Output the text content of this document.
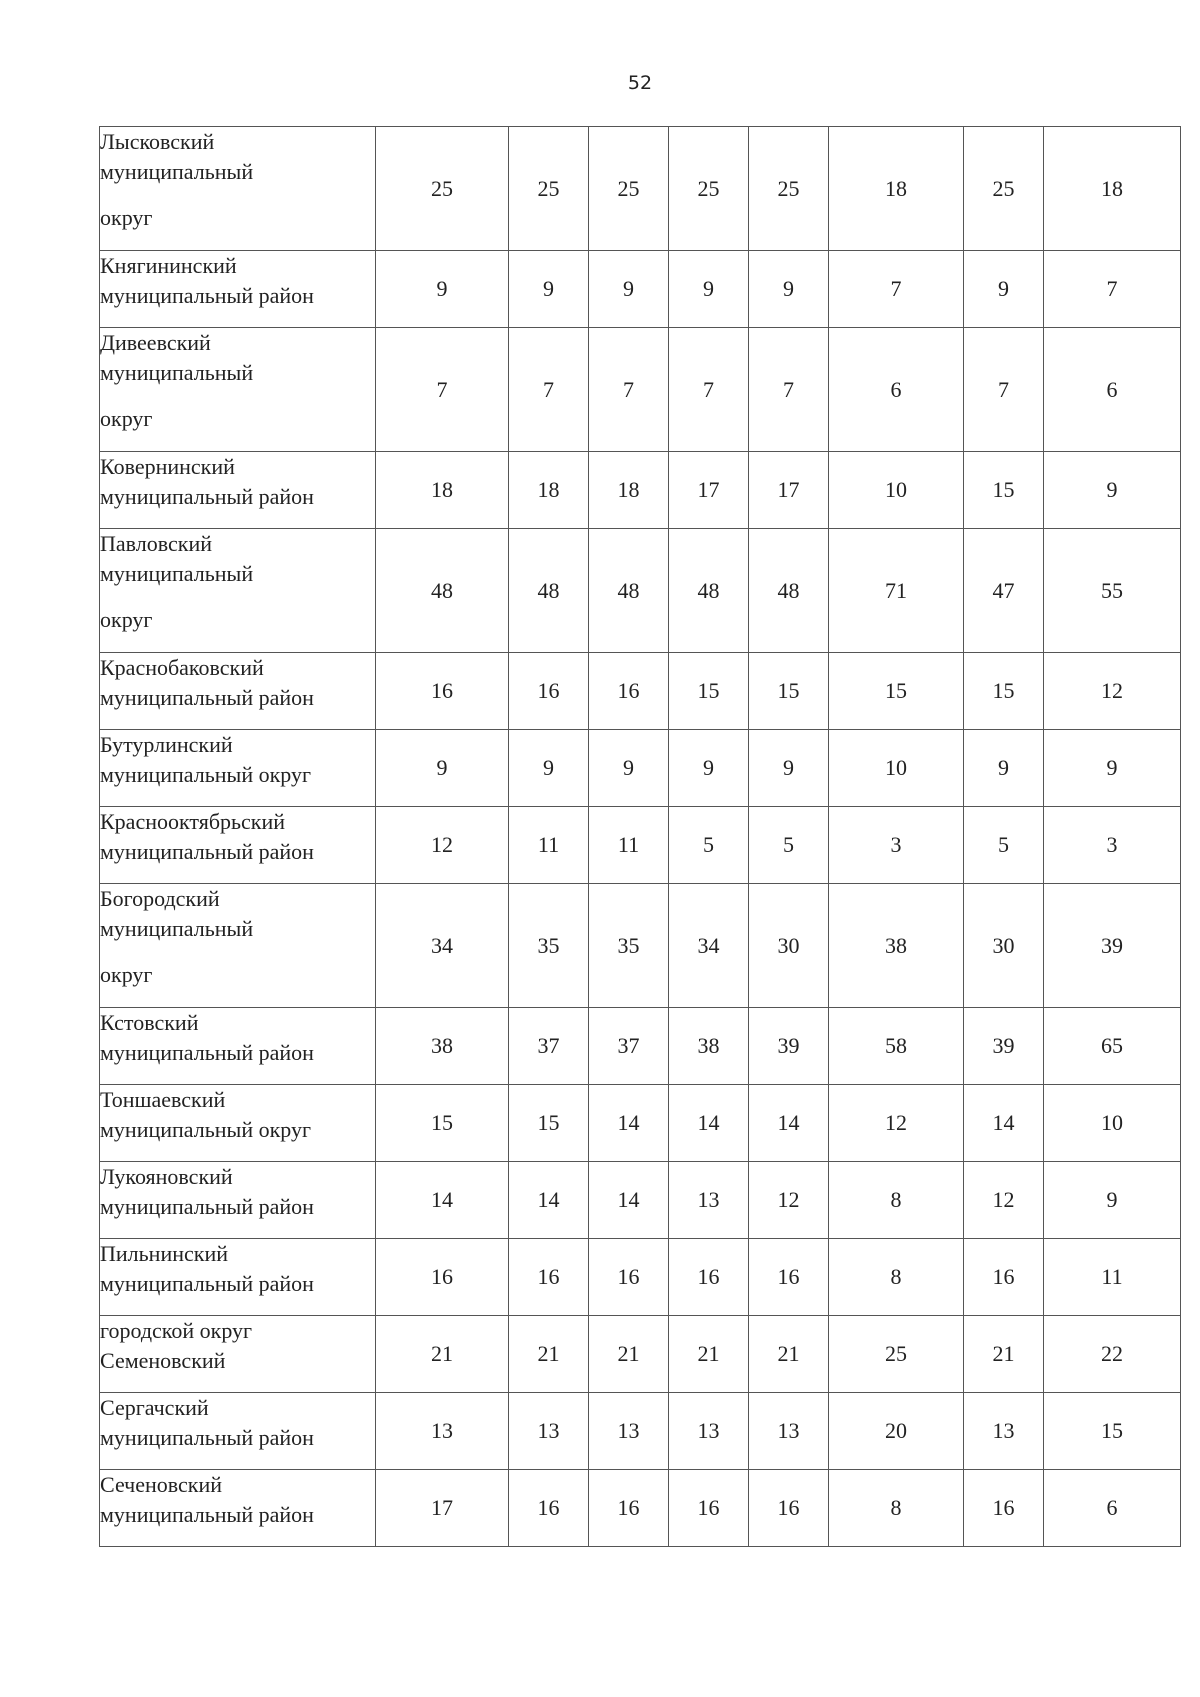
52
Лысковский
муниципальный
округ	25	25	25	25	25	18	25	18

Княгининский
муниципальный район	9	9	9	9	9	7	9	7

Дивеевский
муниципальный
округ	7	7	7	7	7	6	7	6

Ковернинский
муниципальный район	18	18	18	17	17	10	15	9

Павловский
муниципальный
округ	48	48	48	48	48	71	47	55

Краснобаковский
муниципальный район	16	16	16	15	15	15	15	12

Бутурлинский
муниципальный округ	9	9	9	9	9	10	9	9

Краснооктябрьский
муниципальный район	12	11	11	5	5	3	5	3

Богородский
муниципальный
округ	34	35	35	34	30	38	30	39

Кстовский
муниципальный район	38	37	37	38	39	58	39	65

Тоншаевский
муниципальный округ	15	15	14	14	14	12	14	10

Лукояновский
муниципальный район	14	14	14	13	12	8	12	9

Пильнинский
муниципальный район	16	16	16	16	16	8	16	11

городской округ
Семеновский	21	21	21	21	21	25	21	22

Сергачский
муниципальный район	13	13	13	13	13	20	13	15

Сеченовский
муниципальный район	17	16	16	16	16	8	16	6
